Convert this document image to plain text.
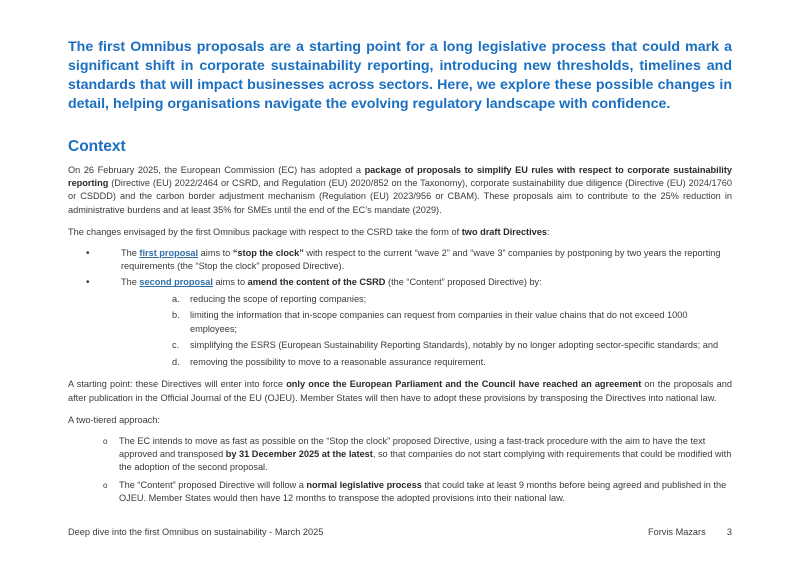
The first Omnibus proposals are a starting point for a long legislative process that could mark a significant shift in corporate sustainability reporting, introducing new thresholds, timelines and standards that will impact businesses across sectors. Here, we explore these possible changes in detail, helping organisations navigate the evolving regulatory landscape with confidence.

Context

On 26 February 2025, the European Commission (EC) has adopted a package of proposals to simplify EU rules with respect to corporate sustainability reporting (Directive (EU) 2022/2464 or CSRD, and Regulation (EU) 2020/852 on the Taxonomy), corporate sustainability due diligence (Directive (EU) 2024/1760 or CSDDD) and the carbon border adjustment mechanism (Regulation (EU) 2023/956 or CBAM). These proposals aim to contribute to the 25% reduction in administrative burdens and at least 35% for SMEs until the end of the EC’s mandate (2029).

The changes envisaged by the first Omnibus package with respect to the CSRD take the form of two draft Directives:

•	The first proposal aims to “stop the clock” with respect to the current “wave 2” and “wave 3” companies by postponing by two years the reporting requirements (the “Stop the clock” proposed Directive).
•	The second proposal aims to amend the content of the CSRD (the “Content” proposed Directive) by:
a. reducing the scope of reporting companies;
b. limiting the information that in-scope companies can request from companies in their value chains that do not exceed 1000 employees;
c. simplifying the ESRS (European Sustainability Reporting Standards), notably by no longer adopting sector-specific standards; and
d. removing the possibility to move to a reasonable assurance requirement.

A starting point: these Directives will enter into force only once the European Parliament and the Council have reached an agreement on the proposals and after publication in the Official Journal of the EU (OJEU). Member States will then have to adopt these provisions by transposing the Directives into national law.

A two-tiered approach:

o The EC intends to move as fast as possible on the “Stop the clock” proposed Directive, using a fast-track procedure with the aim to have the text approved and transposed by 31 December 2025 at the latest, so that companies do not start complying with requirements that could be modified with the adoption of the second proposal.
o The “Content” proposed Directive will follow a normal legislative process that could take at least 9 months before being agreed and published in the OJEU. Member States would then have 12 months to transpose the adopted provisions into their national law.
Deep dive into the first Omnibus on sustainability - March 2025	Forvis Mazars 3
